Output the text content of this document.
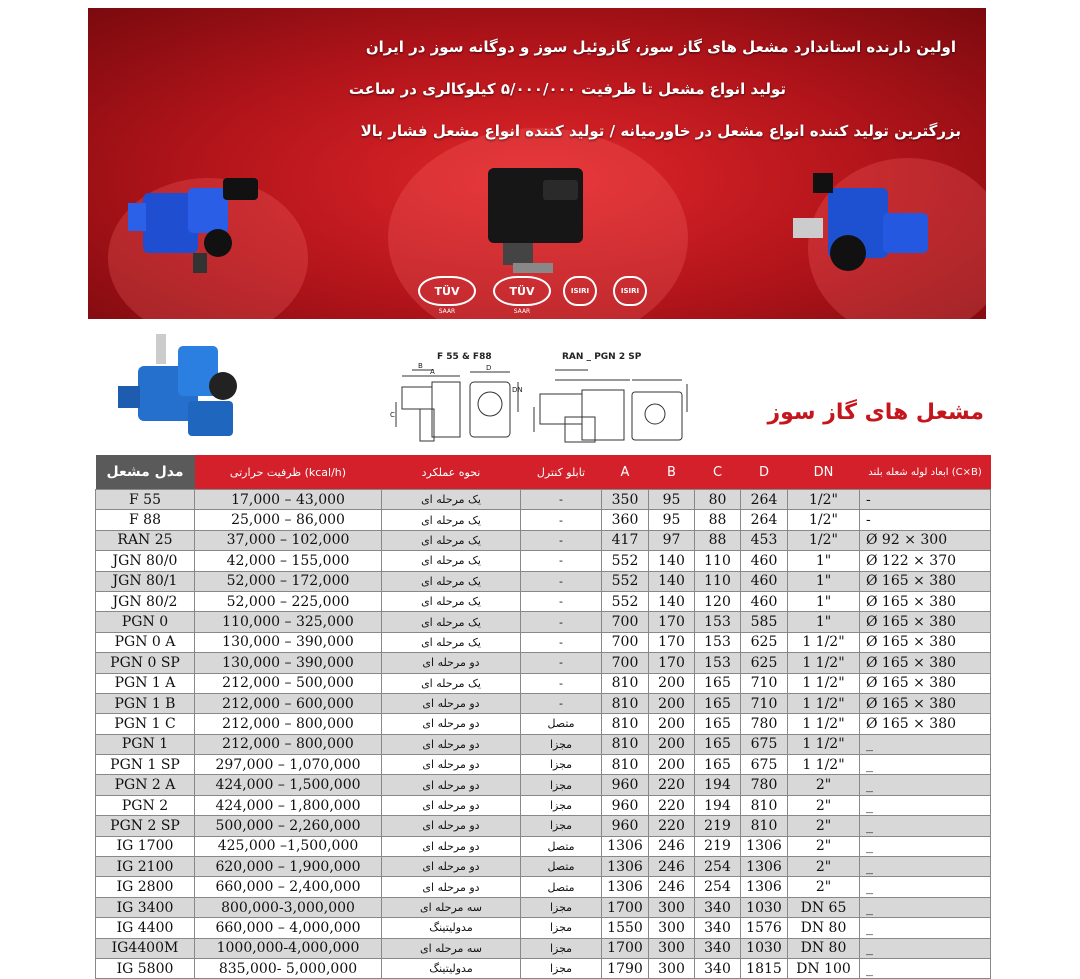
اولین دارنده استاندارد مشعل های گاز سوز، گازوئیل سوز و دوگانه سوز در ایران
تولید انواع مشعل تا ظرفیت ۵/۰۰۰/۰۰۰ کیلوکالری در ساعت
بزرگترین تولید کننده انواع مشعل در خاورمیانه / تولید کننده انواع مشعل فشار بالا
TÜV
SAAR
TÜV
SAAR
ISIRI	ISIRI
F 55 & F88	RAN _ PGN 2 SP
A
B
C
D
DN
مشعل های گاز سوز
مدل مشعل	ظرفیت حرارتی (kcal/h)	نحوه عملکرد	تابلو کنترل	A	B	C	D	DN	ابعاد لوله شعله بلند (C×B)
F 55	17,000 – 43,000	یک مرحله ای	-	350	95	80	264	1/2"	-
F 88	25,000 – 86,000	یک مرحله ای	-	360	95	88	264	1/2"	-
RAN 25	37,000 – 102,000	یک مرحله ای	-	417	97	88	453	1/2"	Ø 92 × 300
JGN 80/0	42,000 – 155,000	یک مرحله ای	-	552	140	110	460	1"	Ø 122 × 370
JGN 80/1	52,000 – 172,000	یک مرحله ای	-	552	140	110	460	1"	Ø 165 × 380
JGN 80/2	52,000 – 225,000	یک مرحله ای	-	552	140	120	460	1"	Ø 165 × 380
PGN 0	110,000 – 325,000	یک مرحله ای	-	700	170	153	585	1"	Ø 165 × 380
PGN 0 A	130,000 – 390,000	یک مرحله ای	-	700	170	153	625	1 1/2"	Ø 165 × 380
PGN 0 SP	130,000 – 390,000	دو مرحله ای	-	700	170	153	625	1 1/2"	Ø 165 × 380
PGN 1 A	212,000 – 500,000	یک مرحله ای	-	810	200	165	710	1 1/2"	Ø 165 × 380
PGN 1 B	212,000 – 600,000	دو مرحله ای	-	810	200	165	710	1 1/2"	Ø 165 × 380
PGN 1 C	212,000 – 800,000	دو مرحله ای	متصل	810	200	165	780	1 1/2"	Ø 165 × 380
PGN 1	212,000 – 800,000	دو مرحله ای	مجزا	810	200	165	675	1 1/2"	_
PGN 1 SP	297,000 – 1,070,000	دو مرحله ای	مجزا	810	200	165	675	1 1/2"	_
PGN 2 A	424,000 – 1,500,000	دو مرحله ای	مجزا	960	220	194	780	2"	_
PGN 2	424,000 – 1,800,000	دو مرحله ای	مجزا	960	220	194	810	2"	_
PGN 2 SP	500,000 – 2,260,000	دو مرحله ای	مجزا	960	220	219	810	2"	_
IG 1700	425,000 –1,500,000	دو مرحله ای	متصل	1306	246	219	1306	2"	_
IG 2100	620,000 – 1,900,000	دو مرحله ای	متصل	1306	246	254	1306	2"	_
IG 2800	660,000 – 2,400,000	دو مرحله ای	متصل	1306	246	254	1306	2"	_
IG 3400	800,000-3,000,000	سه مرحله ای	مجزا	1700	300	340	1030	DN 65	_
IG 4400	660,000 – 4,000,000	مدولیتینگ	مجزا	1550	300	340	1576	DN 80	_
IG4400M	1000,000-4,000,000	سه مرحله ای	مجزا	1700	300	340	1030	DN 80	_
IG 5800	835,000- 5,000,000	مدولیتینگ	مجزا	1790	300	340	1815	DN 100	_
